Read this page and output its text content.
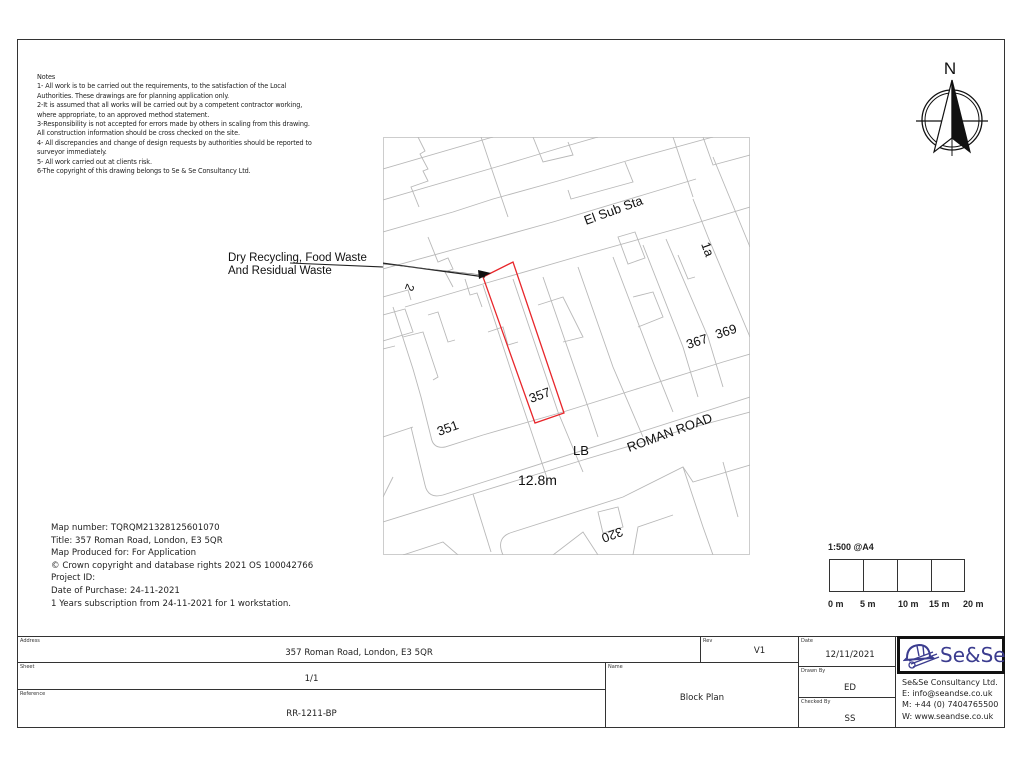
Notes
1- All work is to be carried out the requirements, to the satisfaction of the Local
Authorities. These drawings are for planning application only.
2-It is assumed that all works will be carried out by a competent contractor working,
where appropriate, to an approved method statement.
3-Responsibility is not accepted for errors made by others in scaling from this drawing.
All construction information should be cross checked on the site.
4- All discrepancies and change of design requests by authorities should be reported to
surveyor immediately.
5- All work carried out at clients risk.
6-The copyright of this drawing belongs to Se & Se Consultancy Ltd.
El Sub Sta
1a
2
367 369
357
351
LB	ROMAN ROAD
12.8m
320
Dry Recycling, Food Waste
And Residual Waste
N
Map number: TQRQM21328125601070
Title: 357 Roman Road, London, E3 5QR
Map Produced for: For Application
© Crown copyright and database rights 2021 OS 100042766
Project ID:
Date of Purchase: 24-11-2021
1 Years subscription from 24-11-2021 for 1 workstation.
1:500 @A4
0 m 5 m 10 m 15 m 20 m
Address
357 Roman Road, London, E3 5QR
Rev
V1
Sheet
1/1
Reference
RR-1211-BP
Name
Block Plan
Date
12/11/2021
Drawn By
ED
Checked By
SS
Se&Se
Se&Se Consultancy Ltd.
E: info@seandse.co.uk
M: +44 (0) 7404765500
W: www.seandse.co.uk
